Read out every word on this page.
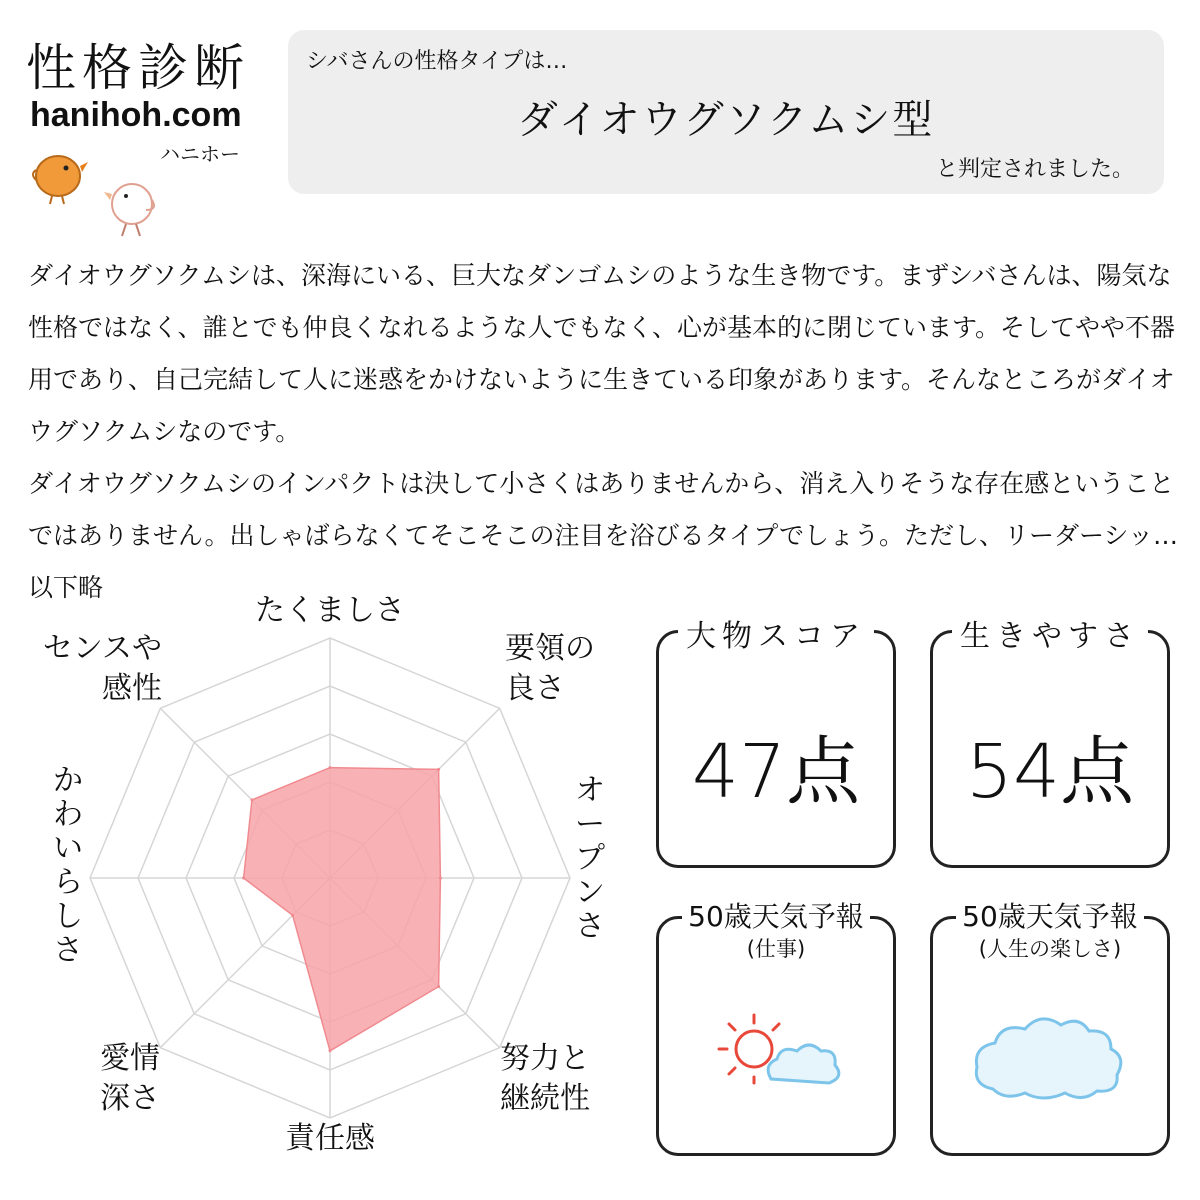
性格診断
hanihoh.com
ハニホー
シバさんの性格タイプは…
ダイオウグソクムシ型
と判定されました。

ダイオウグソクムシは、深海にいる、巨大なダンゴムシのような生き物です。まずシバさんは、陽気な性格ではなく、誰とでも仲良くなれるような人でもなく、心が基本的に閉じています。そしてやや不器用であり、自己完結して人に迷惑をかけないように生きている印象があります。そんなところがダイオウグソクムシなのです。

ダイオウグソクムシのインパクトは決して小さくはありませんから、消え入りそうな存在感ということではありません。出しゃばらなくてそこそこの注目を浴びるタイプでしょう。ただし、リーダーシッ…以下略

たくましさ
要領の良さ
オープンさ
努力と継続性
責任感
愛情深さ
かわいらしさ
センスや感性
大物スコア
47点
生きやすさ
54点
50歳天気予報
(仕事)
50歳天気予報
(人生の楽しさ)
